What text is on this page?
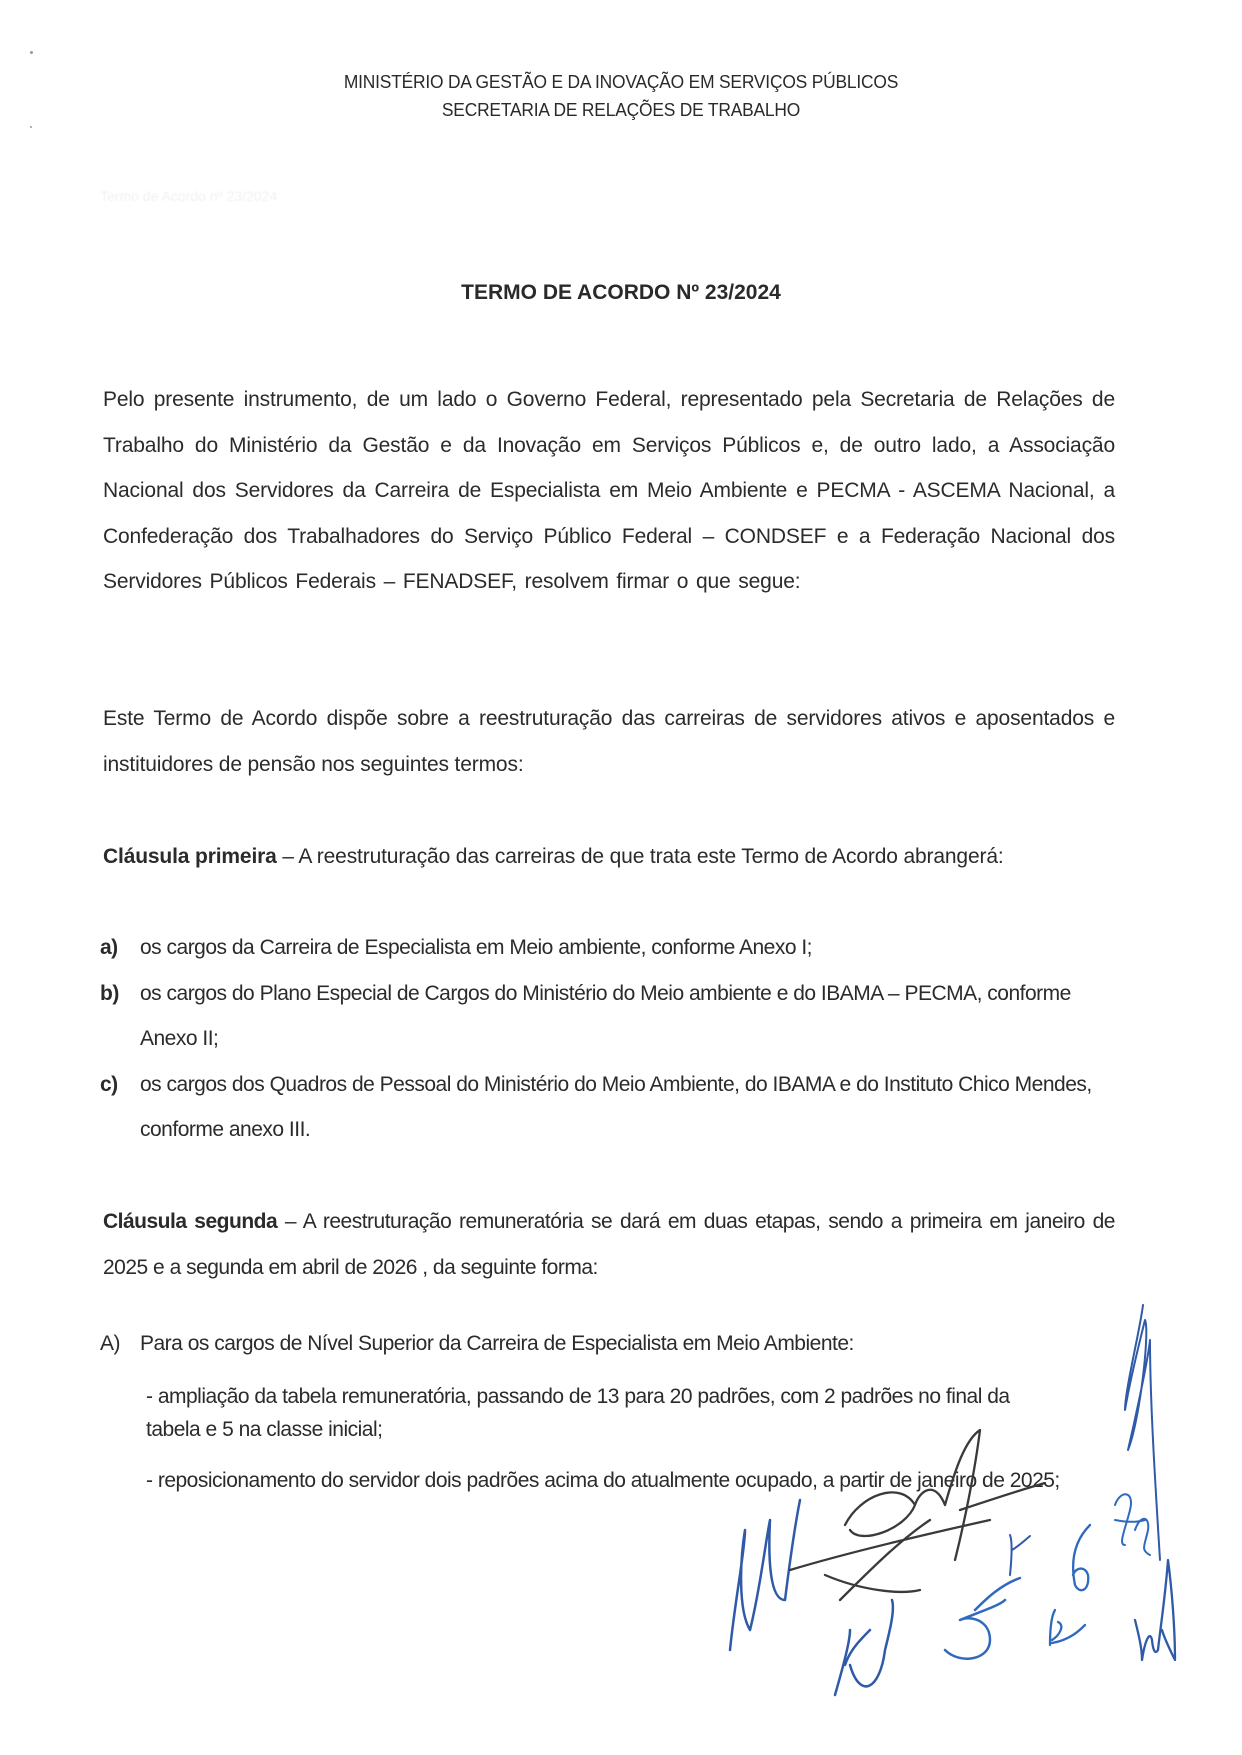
MINISTÉRIO DA GESTÃO E DA INOVAÇÃO EM SERVIÇOS PÚBLICOS
SECRETARIA DE RELAÇÕES DE TRABALHO
Termo de Acordo nº 23/2024
TERMO DE ACORDO Nº 23/2024
Pelo presente instrumento, de um lado o Governo Federal, representado pela Secretaria de Relações de Trabalho do Ministério da Gestão e da Inovação em Serviços Públicos e, de outro lado, a Associação Nacional dos Servidores da Carreira de Especialista em Meio Ambiente e PECMA - ASCEMA Nacional, a Confederação dos Trabalhadores do Serviço Público Federal – CONDSEF e a Federação Nacional dos Servidores Públicos Federais – FENADSEF, resolvem firmar o que segue:
Este Termo de Acordo dispõe sobre a reestruturação das carreiras de servidores ativos e aposentados e instituidores de pensão nos seguintes termos:
Cláusula primeira – A reestruturação das carreiras de que trata este Termo de Acordo abrangerá:
a)	os cargos da Carreira de Especialista em Meio ambiente, conforme Anexo I;
b)	os cargos do Plano Especial de Cargos do Ministério do Meio ambiente e do IBAMA – PECMA, conforme Anexo II;
c)	os cargos dos Quadros de Pessoal do Ministério do Meio Ambiente, do IBAMA e do Instituto Chico Mendes, conforme anexo III.
Cláusula segunda – A reestruturação remuneratória se dará em duas etapas, sendo a primeira em janeiro de 2025 e a segunda em abril de 2026 , da seguinte forma:
A) Para os cargos de Nível Superior da Carreira de Especialista em Meio Ambiente:
- ampliação da tabela remuneratória, passando de 13 para 20 padrões, com 2 padrões no final da tabela e 5 na classe inicial;
- reposicionamento do servidor dois padrões acima do atualmente ocupado, a partir de janeiro de 2025;
